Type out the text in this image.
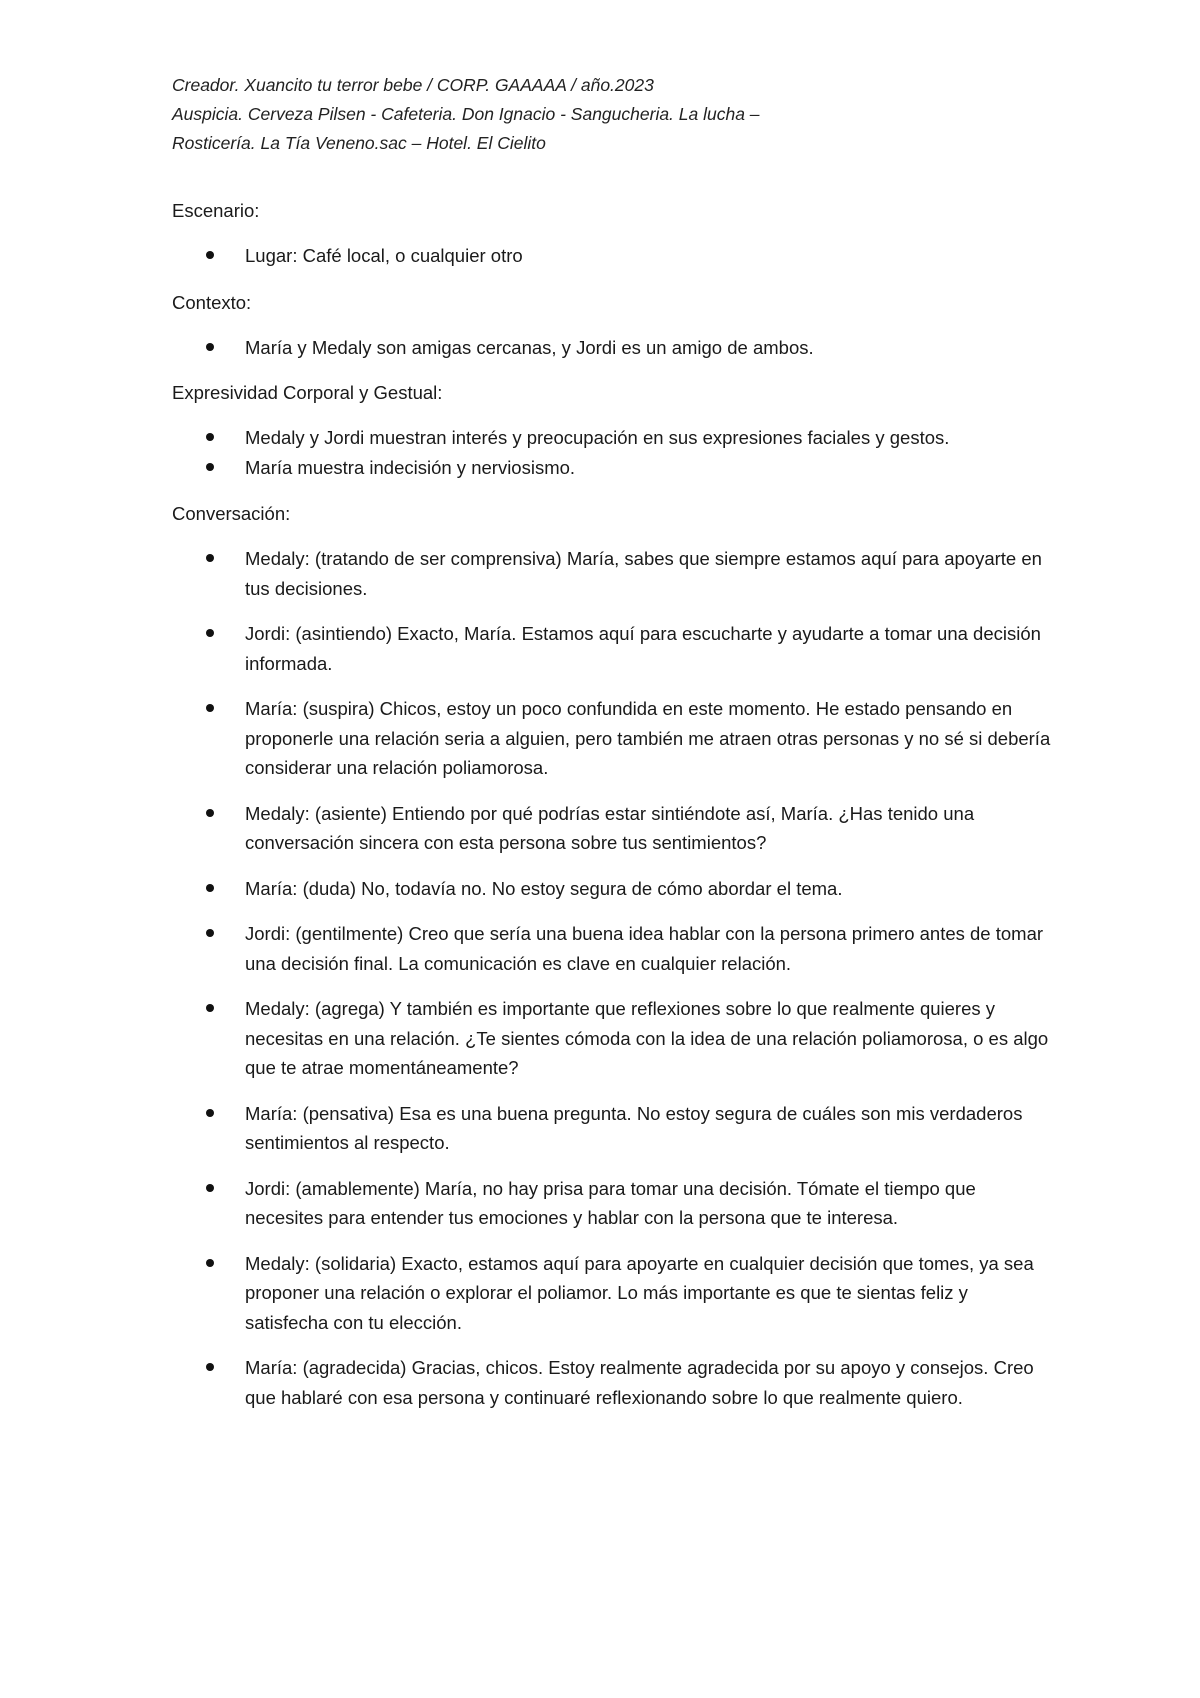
Creador. Xuancito tu terror bebe / CORP. GAAAAA / año.2023

Auspicia. Cerveza Pilsen - Cafeteria. Don Ignacio - Sangucheria. La lucha –

Rosticería. La Tía Veneno.sac – Hotel. El Cielito

Escenario:

Lugar: Café local, o cualquier otro

Contexto:

María y Medaly son amigas cercanas, y Jordi es un amigo de ambos.

Expresividad Corporal y Gestual:

Medaly y Jordi muestran interés y preocupación en sus expresiones faciales y gestos.
María muestra indecisión y nerviosismo.

Conversación:

Medaly: (tratando de ser comprensiva) María, sabes que siempre estamos aquí para apoyarte en tus decisiones.
Jordi: (asintiendo) Exacto, María. Estamos aquí para escucharte y ayudarte a tomar una decisión informada.
María: (suspira) Chicos, estoy un poco confundida en este momento. He estado pensando en proponerle una relación seria a alguien, pero también me atraen otras personas y no sé si debería considerar una relación poliamorosa.
Medaly: (asiente) Entiendo por qué podrías estar sintiéndote así, María. ¿Has tenido una conversación sincera con esta persona sobre tus sentimientos?
María: (duda) No, todavía no. No estoy segura de cómo abordar el tema.
Jordi: (gentilmente) Creo que sería una buena idea hablar con la persona primero antes de tomar una decisión final. La comunicación es clave en cualquier relación.
Medaly: (agrega) Y también es importante que reflexiones sobre lo que realmente quieres y necesitas en una relación. ¿Te sientes cómoda con la idea de una relación poliamorosa, o es algo que te atrae momentáneamente?
María: (pensativa) Esa es una buena pregunta. No estoy segura de cuáles son mis verdaderos sentimientos al respecto.
Jordi: (amablemente) María, no hay prisa para tomar una decisión. Tómate el tiempo que necesites para entender tus emociones y hablar con la persona que te interesa.
Medaly: (solidaria) Exacto, estamos aquí para apoyarte en cualquier decisión que tomes, ya sea proponer una relación o explorar el poliamor. Lo más importante es que te sientas feliz y satisfecha con tu elección.
María: (agradecida) Gracias, chicos. Estoy realmente agradecida por su apoyo y consejos. Creo que hablaré con esa persona y continuaré reflexionando sobre lo que realmente quiero.
